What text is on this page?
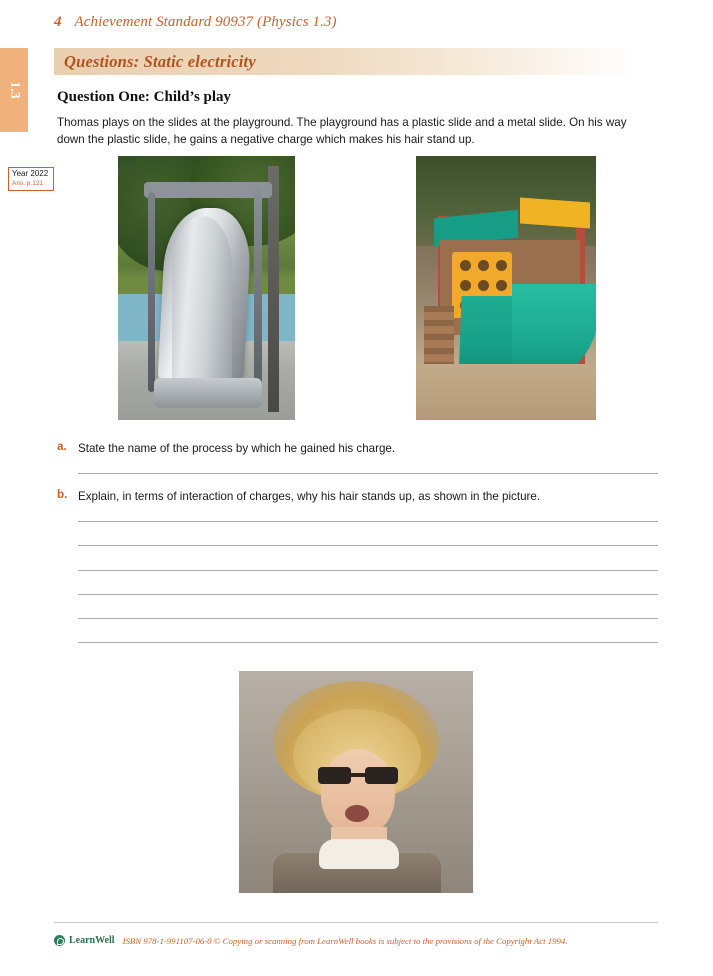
4 Achievement Standard 90937 (Physics 1.3)
1.3
Year 2022
Ans. p.121
Questions: Static electricity
Question One: Child’s play
Thomas plays on the slides at the playground. The playground has a plastic slide and a metal slide. On his way down the plastic slide, he gains a negative charge which makes his hair stand up.
a. State the name of the process by which he gained his charge.
b. Explain, in terms of interaction of charges, why his hair stands up, as shown in the picture.
LearnWell ISBN 978-1-991107-06-0 © Copying or scanning from LearnWell books is subject to the provisions of the Copyright Act 1994.
